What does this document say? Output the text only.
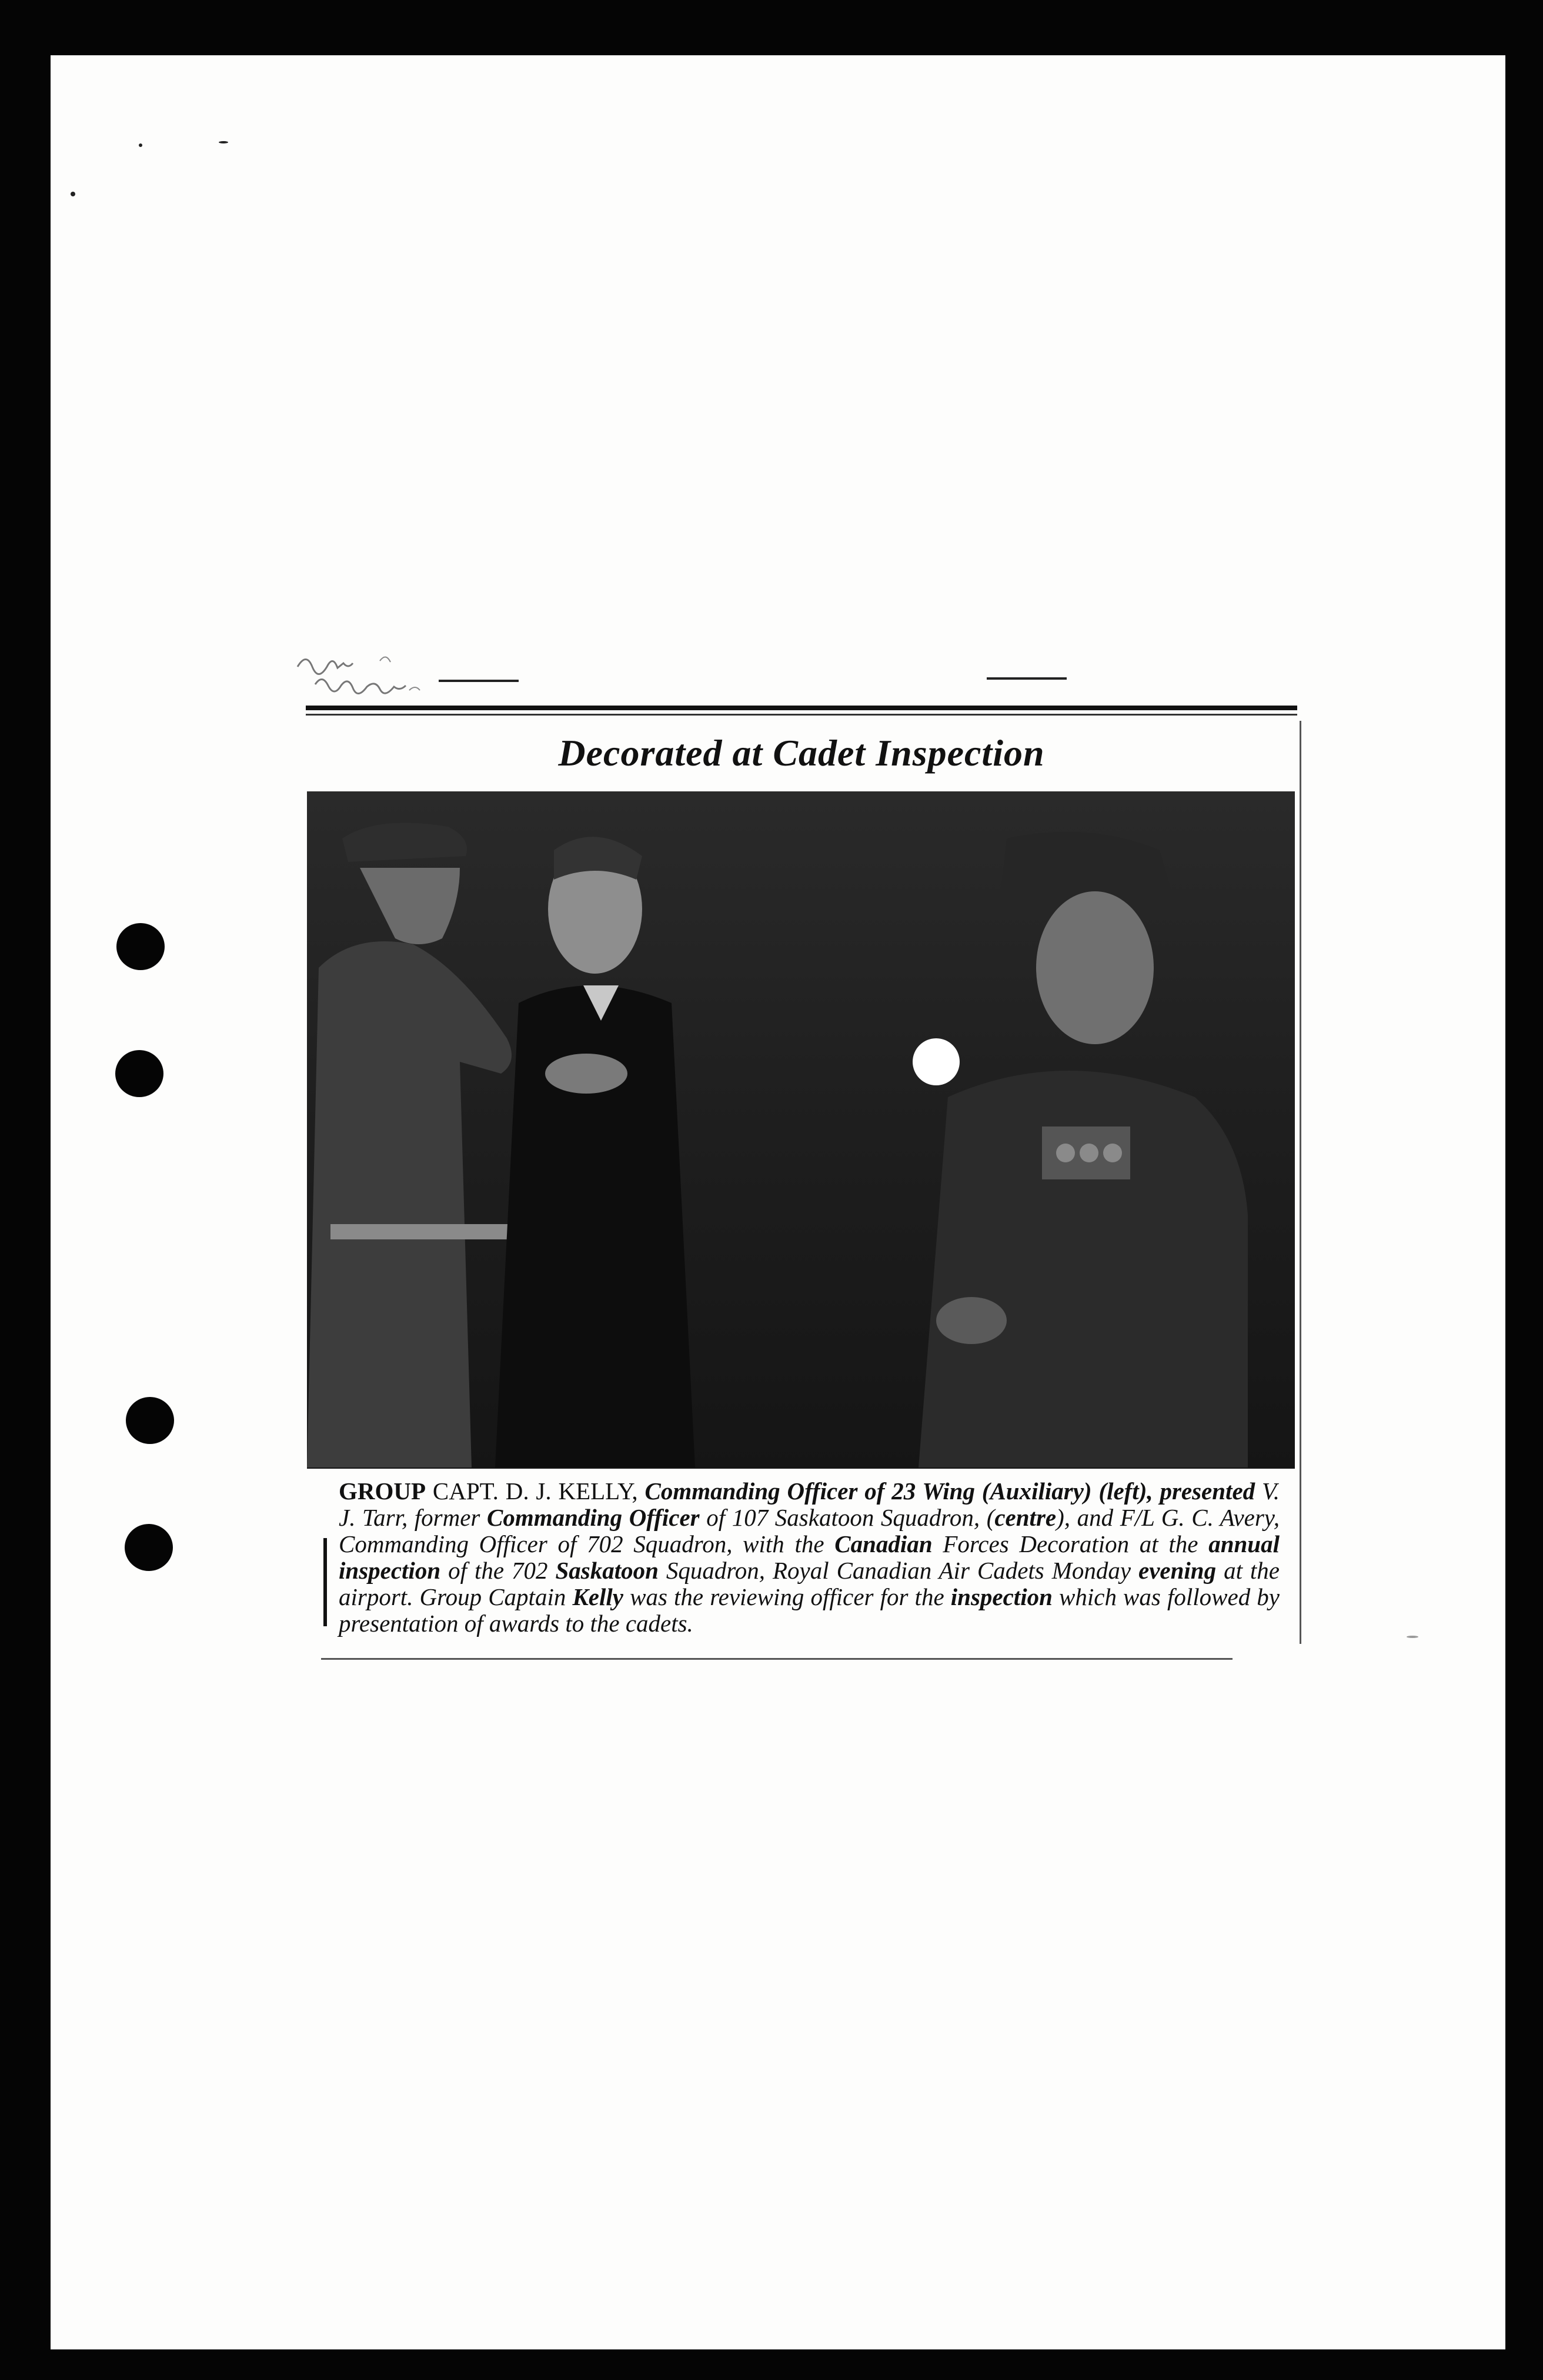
Decorated at Cadet Inspection
GROUP CAPT. D. J. KELLY, Commanding Officer of 23 Wing (Auxiliary) (left), presented V. J. Tarr, former Commanding Officer of 107 Saskatoon Squadron, (centre), and F/L G. C. Avery, Commanding Officer of 702 Squadron, with the Canadian Forces Decoration at the annual inspection of the 702 Saskatoon Squadron, Royal Canadian Air Cadets Monday evening at the airport. Group Captain Kelly was the reviewing officer for the inspection which was followed by presentation of awards to the cadets.
